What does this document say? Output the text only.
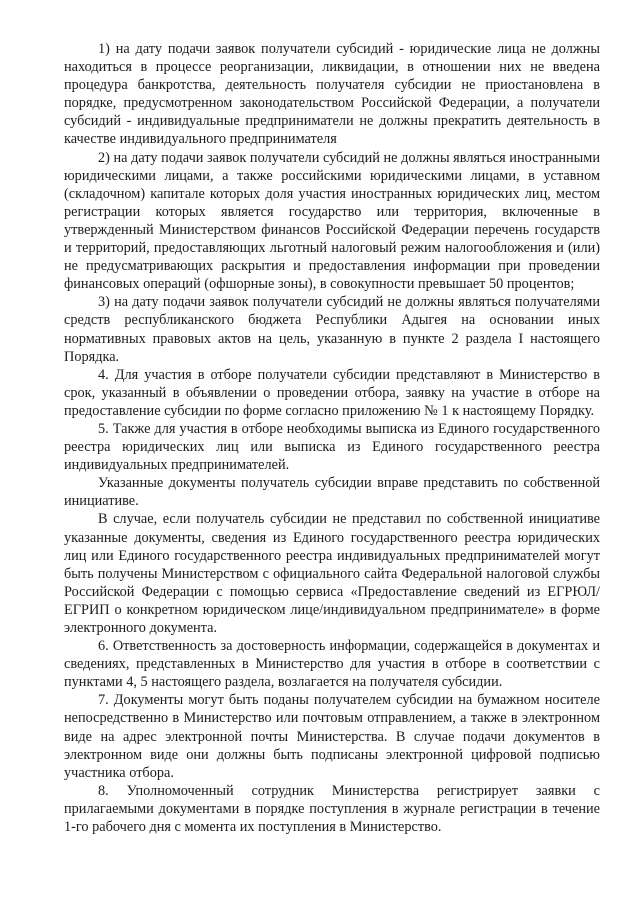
1) на дату подачи заявок получатели субсидий - юридические лица не должны находиться в процессе реорганизации, ликвидации, в отношении них не введена процедура банкротства, деятельность получателя субсидии не приостановлена в порядке, предусмотренном законодательством Российской Федерации, а получатели субсидий - индивидуальные предприниматели не должны прекратить деятельность в качестве индивидуального предпринимателя

2) на дату подачи заявок получатели субсидий не должны являться иностранными юридическими лицами, а также российскими юридическими лицами, в уставном (складочном) капитале которых доля участия иностранных юридических лиц, местом регистрации которых является государство или территория, включенные в утвержденный Министерством финансов Российской Федерации перечень государств и территорий, предоставляющих льготный налоговый режим налогообложения и (или) не предусматривающих раскрытия и предоставления информации при проведении финансовых операций (офшорные зоны), в совокупности превышает 50 процентов;

3) на дату подачи заявок получатели субсидий не должны являться получателями средств республиканского бюджета Республики Адыгея на основании иных нормативных правовых актов на цель, указанную в пункте 2 раздела I настоящего Порядка.

4. Для участия в отборе получатели субсидии представляют в Министерство в срок, указанный в объявлении о проведении отбора, заявку на участие в отборе на предоставление субсидии по форме согласно приложению № 1 к настоящему Порядку.

5. Также для участия в отборе необходимы выписка из Единого государственного реестра юридических лиц или выписка из Единого государственного реестра индивидуальных предпринимателей.

Указанные документы получатель субсидии вправе представить по собственной инициативе.

В случае, если получатель субсидии не представил по собственной инициативе указанные документы, сведения из Единого государственного реестра юридических лиц или Единого государственного реестра индивидуальных предпринимателей могут быть получены Министерством с официального сайта Федеральной налоговой службы Российской Федерации с помощью сервиса «Предоставление сведений из ЕГРЮЛ/ЕГРИП о конкретном юридическом лице/индивидуальном предпринимателе» в форме электронного документа.

6. Ответственность за достоверность информации, содержащейся в документах и сведениях, представленных в Министерство для участия в отборе в соответствии с пунктами 4, 5 настоящего раздела, возлагается на получателя субсидии.

7. Документы могут быть поданы получателем субсидии на бумажном носителе непосредственно в Министерство или почтовым отправлением, а также в электронном виде на адрес электронной почты Министерства. В случае подачи документов в электронном виде они должны быть подписаны электронной цифровой подписью участника отбора.

8. Уполномоченный сотрудник Министерства регистрирует заявки с прилагаемыми документами в порядке поступления в журнале регистрации в течение 1-го рабочего дня с момента их поступления в Министерство.
